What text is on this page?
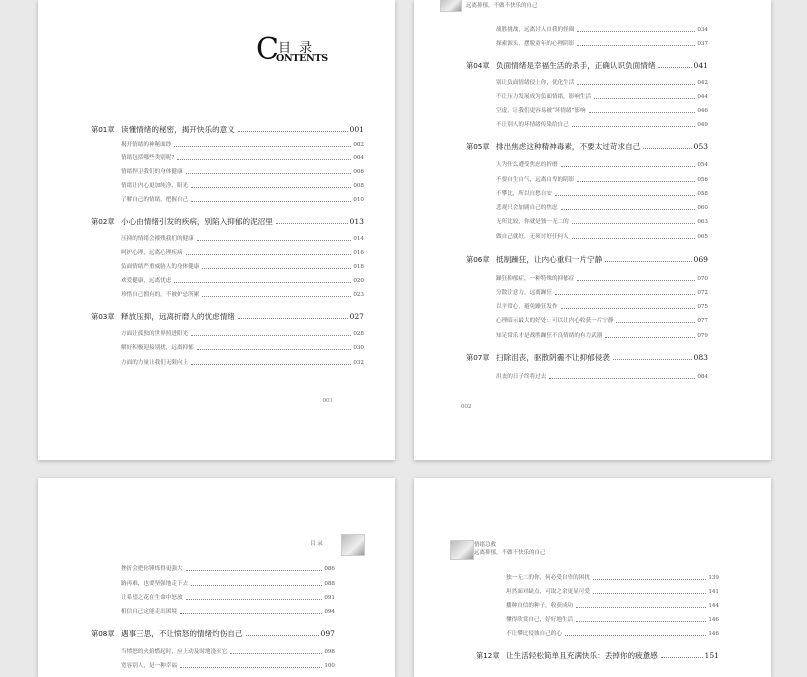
C 目 录
ONTENTS
第01章 读懂情绪的秘密，揭开快乐的意义	001
揭开情绪的神秘面纱	002
情绪包括哪些类别呢?	004
情绪捍卫我们的身体健康	006
情绪让内心更加纯净、阳光	008
了解自己的情绪，把握自己	010
第02章 小心由情绪引发的疾病，别陷入抑郁的泥沼里	013
压抑的情绪会摧残我们的健康	014
呵护心理，远离心理疾病	016
负面情绪严重威胁人的身体健康	018
欢爱健康，远离忧虑	020
珍惜自己拥有的，不被妒忌所累	023
第03章 释放压抑，远离折磨人的忧虑情绪	027
方面让孤独的世界照进阳光	028
解好积极迎接别扰，远离抑郁	030
方面的力量让我们无限向上	032
001
远离抑郁，不做不快乐的自己
战胜挑战，远离讨人自我的怪圈	034
探索源头，摆脱童年的心理阴影	037
第04章 负面情绪是幸福生活的杀手，正确认识负面情绪	041
别让负面情绪侵上你，优化生活	042
不让压力发展成为负面情绪，影响生活	044
空虚，让我们更容易被“坏情绪”影响	046
不让别人的坏情绪传染给自己	049
第05章 排出焦虑这种精神毒素，不要太过苛求自己	053
人为什么遭受焦虑的折磨	054
不要自生自气，远离自卑的阴影	056
不攀比，所以自愁自安	058
悲观只会加剧自己的焦虑	060
无所比较，你就是独一无二的	063
做自己就好，无须讨好任何人	065
第06章 抵制躁狂，让内心重归一片宁静	069
躁狂抑郁症，一种特殊的抑郁症	070
分散注意力，远离躁狂	072
以平常心，避免躁狂发作	075
心理暗示最大的好处：可以让内心收获一片宁静	077
知足常乐才是战胜躁狂不良情绪的有力武器	079
第07章 扫除沮丧，驱散阴霾不让抑郁侵袭	083
沮丧的日子终将过去	084
002
目 录
挫折会把你锤炼得更强大	086
路再难，也要坚强地走下去	088
让希望之花在生命中怒放	091
相信自己定能走出困境	094
第08章 遇事三思，不让愤怒的情绪灼伤自己	097
当愤怒的火焰燃起时，应上动及时地浇灭它	098
宽容别人，是一种幸福	100
情绪急救
远离抑郁，不做不快乐的自己
独一无二的你，何必受自卑的困扰	139
坦然面对缺点，可取之余更显可爱	141
播种自信的种子，收获成功	144
懂得欣赏自己，好好地生活	146
不让攀比侵蚀自己的心	146
第12章 让生活轻松简单且充满快乐：丢掉你的疲惫感	151
